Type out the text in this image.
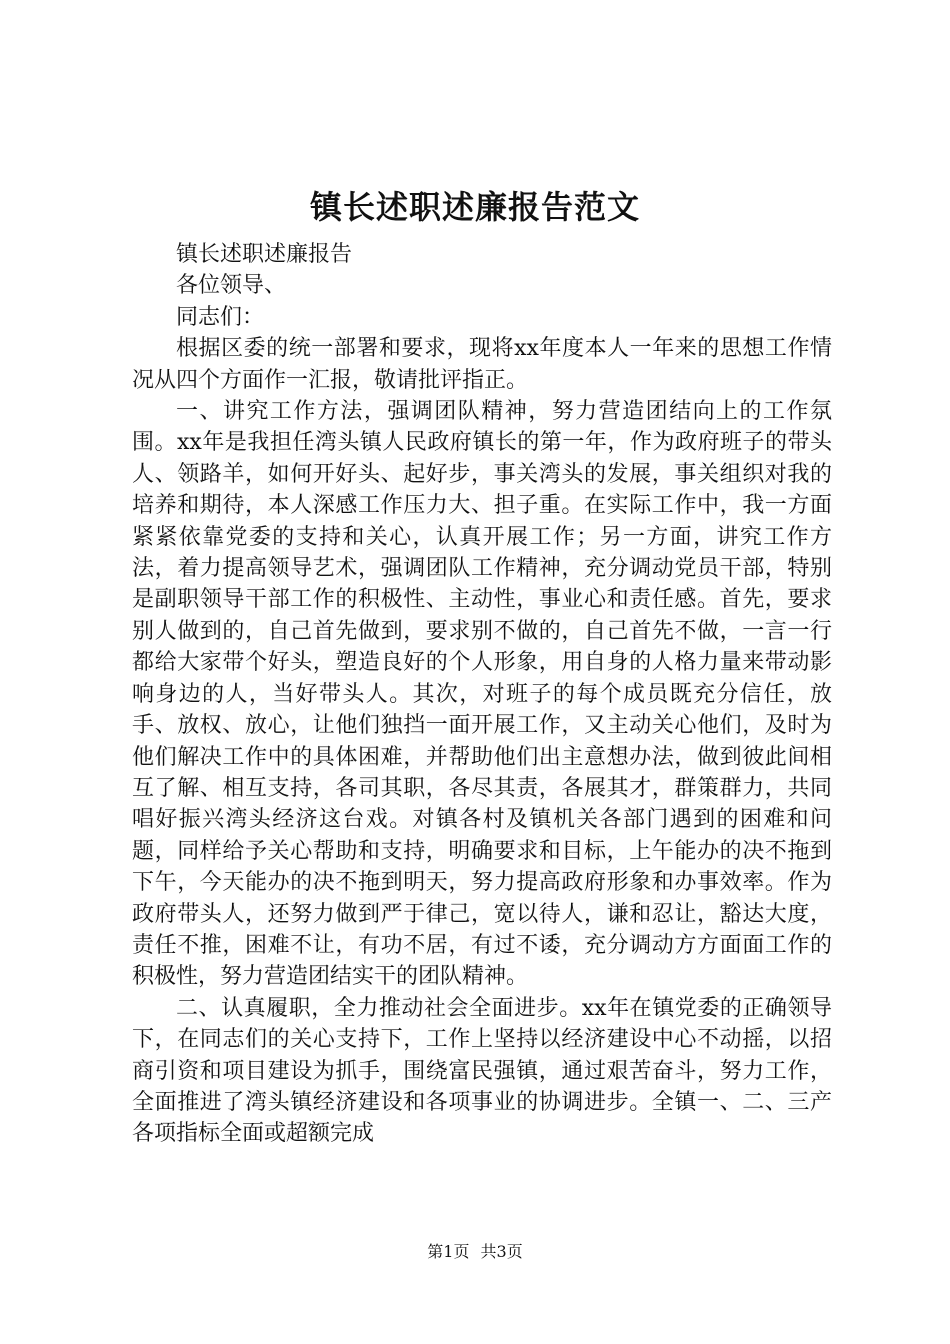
镇长述职述廉报告范文

镇长述职述廉报告

各位领导、

同志们：

根据区委的统一部署和要求，现将xx年度本人一年来的思想工作情况从四个方面作一汇报，敬请批评指正。

一、讲究工作方法，强调团队精神，努力营造团结向上的工作氛围。xx年是我担任湾头镇人民政府镇长的第一年，作为政府班子的带头人、领路羊，如何开好头、起好步，事关湾头的发展，事关组织对我的培养和期待，本人深感工作压力大、担子重。在实际工作中，我一方面紧紧依靠党委的支持和关心，认真开展工作；另一方面，讲究工作方法，着力提高领导艺术，强调团队工作精神，充分调动党员干部，特别是副职领导干部工作的积极性、主动性，事业心和责任感。首先，要求别人做到的，自己首先做到，要求别不做的，自己首先不做，一言一行都给大家带个好头，塑造良好的个人形象，用自身的人格力量来带动影响身边的人，当好带头人。其次，对班子的每个成员既充分信任，放手、放权、放心，让他们独挡一面开展工作，又主动关心他们，及时为他们解决工作中的具体困难，并帮助他们出主意想办法，做到彼此间相互了解、相互支持，各司其职，各尽其责，各展其才，群策群力，共同唱好振兴湾头经济这台戏。对镇各村及镇机关各部门遇到的困难和问题，同样给予关心帮助和支持，明确要求和目标，上午能办的决不拖到下午，今天能办的决不拖到明天，努力提高政府形象和办事效率。作为政府带头人，还努力做到严于律己，宽以待人，谦和忍让，豁达大度，责任不推，困难不让，有功不居，有过不诿，充分调动方方面面工作的积极性，努力营造团结实干的团队精神。

二、认真履职，全力推动社会全面进步。xx年在镇党委的正确领导下，在同志们的关心支持下，工作上坚持以经济建设中心不动摇，以招商引资和项目建设为抓手，围绕富民强镇，通过艰苦奋斗，努力工作，全面推进了湾头镇经济建设和各项事业的协调进步。全镇一、二、三产各项指标全面或超额完成

第1页 共3页
